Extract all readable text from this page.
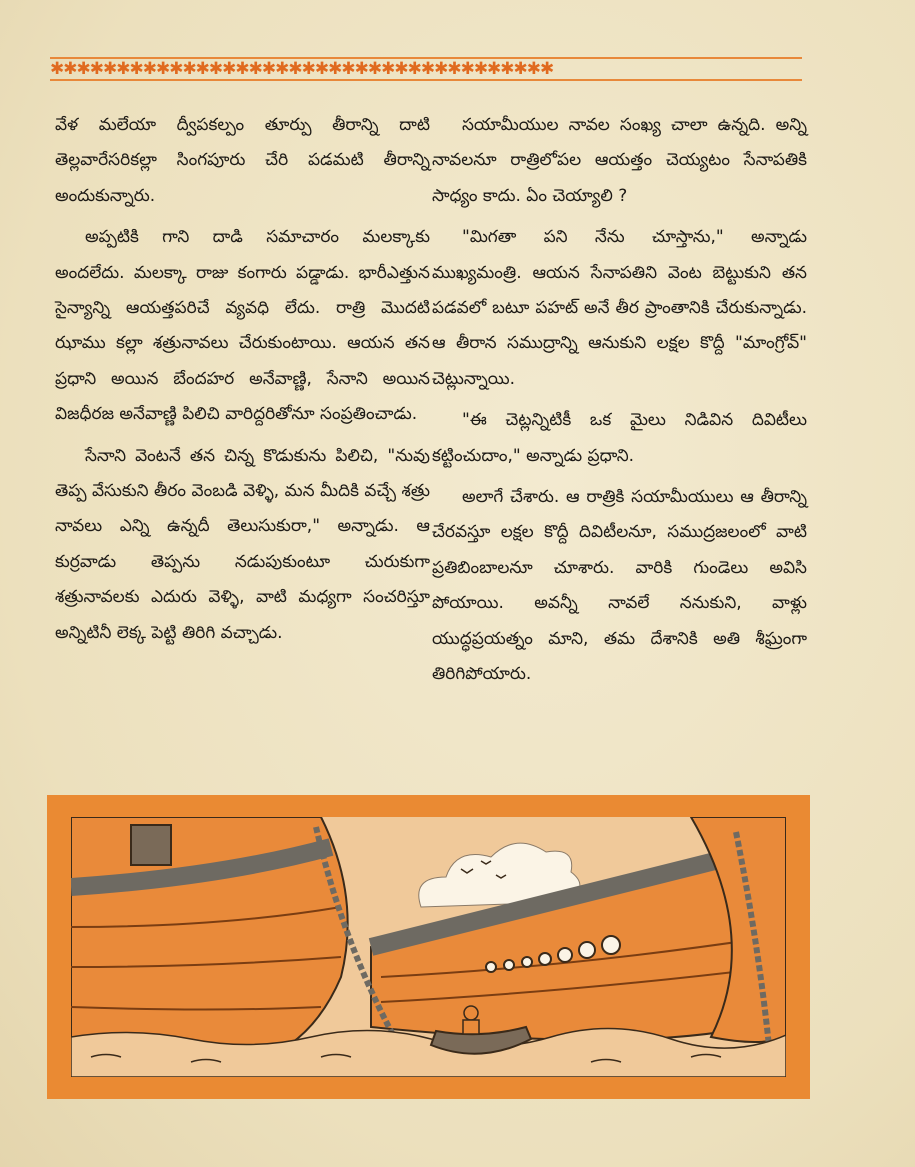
✱✱✱✱✱✱✱✱✱✱✱✱✱✱✱✱✱✱✱✱✱✱✱✱✱✱✱✱✱✱✱✱✱✱✱✱✱✱

వేళ మలేయా ద్వీపకల్పం తూర్పు తీరాన్ని దాటి తెల్లవారేసరికల్లా సింగపూరు చేరి పడమటి తీరాన్ని అందుకున్నారు.

అప్పటికి గాని దాడి సమాచారం మలక్కాకు అందలేదు. మలక్కా రాజు కంగారు పడ్డాడు. భారీఎత్తున సైన్యాన్ని ఆయత్తపరిచే వ్యవధి లేదు. రాత్రి మొదటి ఝాము కల్లా శత్రునావలు చేరుకుంటాయి. ఆయన తన ప్రధాని అయిన బేందహర అనేవాణ్ణి, సేనాని అయిన విజధీరజ అనేవాణ్ణి పిలిచి వారిద్దరితోనూ సంప్రతించాడు.

సేనాని వెంటనే తన చిన్న కొడుకును పిలిచి, "నువు తెప్ప వేసుకుని తీరం వెంబడి వెళ్ళి, మన మీదికి వచ్చే శత్రు నావలు ఎన్ని ఉన్నదీ తెలుసుకురా," అన్నాడు. ఆ కుర్రవాడు తెప్పను నడుపుకుంటూ చురుకుగా శత్రునావలకు ఎదురు వెళ్ళి, వాటి మధ్యగా సంచరిస్తూ అన్నిటినీ లెక్క పెట్టి తిరిగి వచ్చాడు.

సయామీయుల నావల సంఖ్య చాలా ఉన్నది. అన్ని నావలనూ రాత్రిలోపల ఆయత్తం చెయ్యటం సేనాపతికి సాధ్యం కాదు. ఏం చెయ్యాలి ?

"మిగతా పని నేను చూస్తాను," అన్నాడు ముఖ్యమంత్రి. ఆయన సేనాపతిని వెంట బెట్టుకుని తన పడవలో బటూ పహట్ అనే తీర ప్రాంతానికి చేరుకున్నాడు. ఆ తీరాన సముద్రాన్ని ఆనుకుని లక్షల కొద్దీ "మాంగ్రోవ్" చెట్లున్నాయి.

"ఈ చెట్లన్నిటికీ ఒక మైలు నిడివిన దివిటీలు కట్టించుదాం," అన్నాడు ప్రధాని.

అలాగే చేశారు. ఆ రాత్రికి సయామీయులు ఆ తీరాన్ని చేరవస్తూ లక్షల కొద్దీ దివిటీలనూ, సముద్రజలంలో వాటి ప్రతిబింబాలనూ చూశారు. వారికి గుండెలు అవిసి పోయాయి. అవన్నీ నావలే ననుకుని, వాళ్లు యుద్ధప్రయత్నం మాని, తమ దేశానికి అతి శీఘ్రంగా తిరిగిపోయారు.
